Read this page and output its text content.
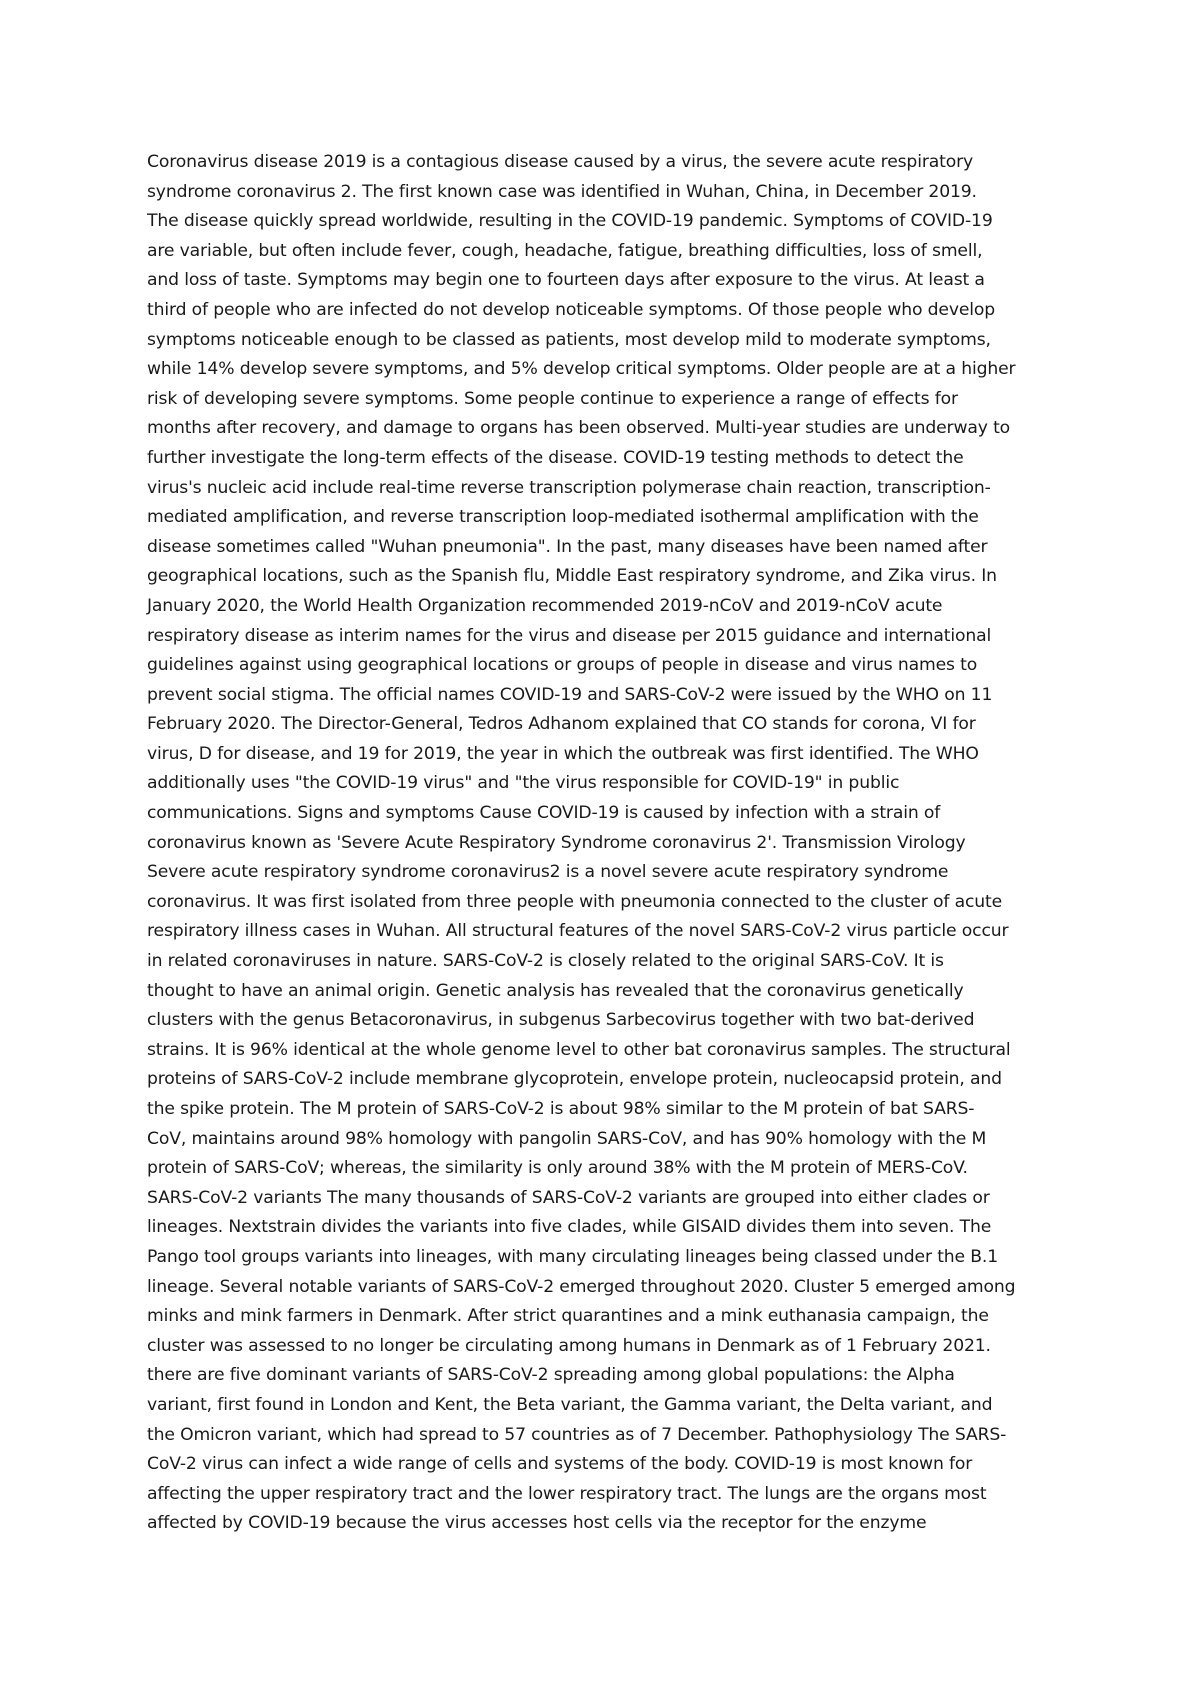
Coronavirus disease 2019 is a contagious disease caused by a virus, the severe acute respiratory
syndrome coronavirus 2. The first known case was identified in Wuhan, China, in December 2019.
The disease quickly spread worldwide, resulting in the COVID-19 pandemic. Symptoms of COVID-19
are variable, but often include fever, cough, headache, fatigue, breathing difficulties, loss of smell,
and loss of taste. Symptoms may begin one to fourteen days after exposure to the virus. At least a
third of people who are infected do not develop noticeable symptoms. Of those people who develop
symptoms noticeable enough to be classed as patients, most develop mild to moderate symptoms,
while 14% develop severe symptoms, and 5% develop critical symptoms. Older people are at a higher
risk of developing severe symptoms. Some people continue to experience a range of effects for
months after recovery, and damage to organs has been observed. Multi-year studies are underway to
further investigate the long-term effects of the disease. COVID-19 testing methods to detect the
virus's nucleic acid include real-time reverse transcription polymerase chain reaction, transcription-
mediated amplification, and reverse transcription loop-mediated isothermal amplification with the
disease sometimes called "Wuhan pneumonia". In the past, many diseases have been named after
geographical locations, such as the Spanish flu, Middle East respiratory syndrome, and Zika virus. In
January 2020, the World Health Organization recommended 2019-nCoV and 2019-nCoV acute
respiratory disease as interim names for the virus and disease per 2015 guidance and international
guidelines against using geographical locations or groups of people in disease and virus names to
prevent social stigma. The official names COVID-19 and SARS-CoV-2 were issued by the WHO on 11
February 2020. The Director-General, Tedros Adhanom explained that CO stands for corona, VI for
virus, D for disease, and 19 for 2019, the year in which the outbreak was first identified. The WHO
additionally uses "the COVID-19 virus" and "the virus responsible for COVID-19" in public
communications. Signs and symptoms Cause COVID-19 is caused by infection with a strain of
coronavirus known as 'Severe Acute Respiratory Syndrome coronavirus 2'. Transmission Virology
Severe acute respiratory syndrome coronavirus2 is a novel severe acute respiratory syndrome
coronavirus. It was first isolated from three people with pneumonia connected to the cluster of acute
respiratory illness cases in Wuhan. All structural features of the novel SARS-CoV-2 virus particle occur
in related coronaviruses in nature. SARS-CoV-2 is closely related to the original SARS-CoV. It is
thought to have an animal origin. Genetic analysis has revealed that the coronavirus genetically
clusters with the genus Betacoronavirus, in subgenus Sarbecovirus together with two bat-derived
strains. It is 96% identical at the whole genome level to other bat coronavirus samples. The structural
proteins of SARS-CoV-2 include membrane glycoprotein, envelope protein, nucleocapsid protein, and
the spike protein. The M protein of SARS-CoV-2 is about 98% similar to the M protein of bat SARS-
CoV, maintains around 98% homology with pangolin SARS-CoV, and has 90% homology with the M
protein of SARS-CoV; whereas, the similarity is only around 38% with the M protein of MERS-CoV.
SARS-CoV-2 variants The many thousands of SARS-CoV-2 variants are grouped into either clades or
lineages. Nextstrain divides the variants into five clades, while GISAID divides them into seven. The
Pango tool groups variants into lineages, with many circulating lineages being classed under the B.1
lineage. Several notable variants of SARS-CoV-2 emerged throughout 2020. Cluster 5 emerged among
minks and mink farmers in Denmark. After strict quarantines and a mink euthanasia campaign, the
cluster was assessed to no longer be circulating among humans in Denmark as of 1 February 2021.
there are five dominant variants of SARS-CoV-2 spreading among global populations: the Alpha
variant, first found in London and Kent, the Beta variant, the Gamma variant, the Delta variant, and
the Omicron variant, which had spread to 57 countries as of 7 December. Pathophysiology The SARS-
CoV-2 virus can infect a wide range of cells and systems of the body. COVID-19 is most known for
affecting the upper respiratory tract and the lower respiratory tract. The lungs are the organs most
affected by COVID-19 because the virus accesses host cells via the receptor for the enzyme
